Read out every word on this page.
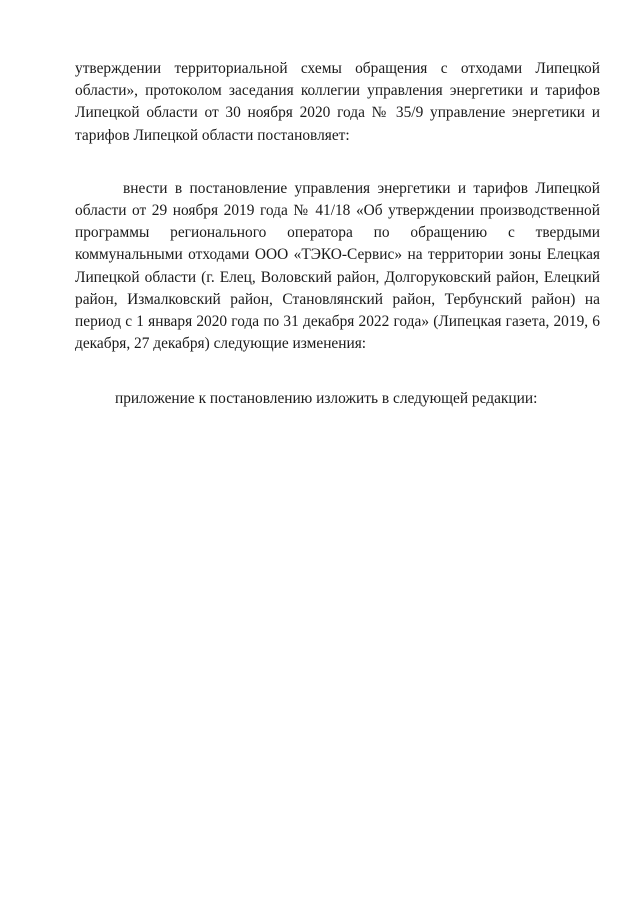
утверждении территориальной схемы обращения с отходами Липецкой области», протоколом заседания коллегии управления энергетики и тарифов Липецкой области от 30 ноября 2020 года № 35/9 управление энергетики и тарифов Липецкой области постановляет:

внести в постановление управления энергетики и тарифов Липецкой области от 29 ноября 2019 года № 41/18 «Об утверждении производственной программы регионального оператора по обращению с твердыми коммунальными отходами ООО «ТЭКО-Сервис» на территории зоны Елецкая Липецкой области (г. Елец, Воловский район, Долгоруковский район, Елецкий район, Измалковский район, Становлянский район, Тербунский район) на период с 1 января 2020 года по 31 декабря 2022 года» (Липецкая газета, 2019, 6 декабря, 27 декабря) следующие изменения:

приложение к постановлению изложить в следующей редакции:
